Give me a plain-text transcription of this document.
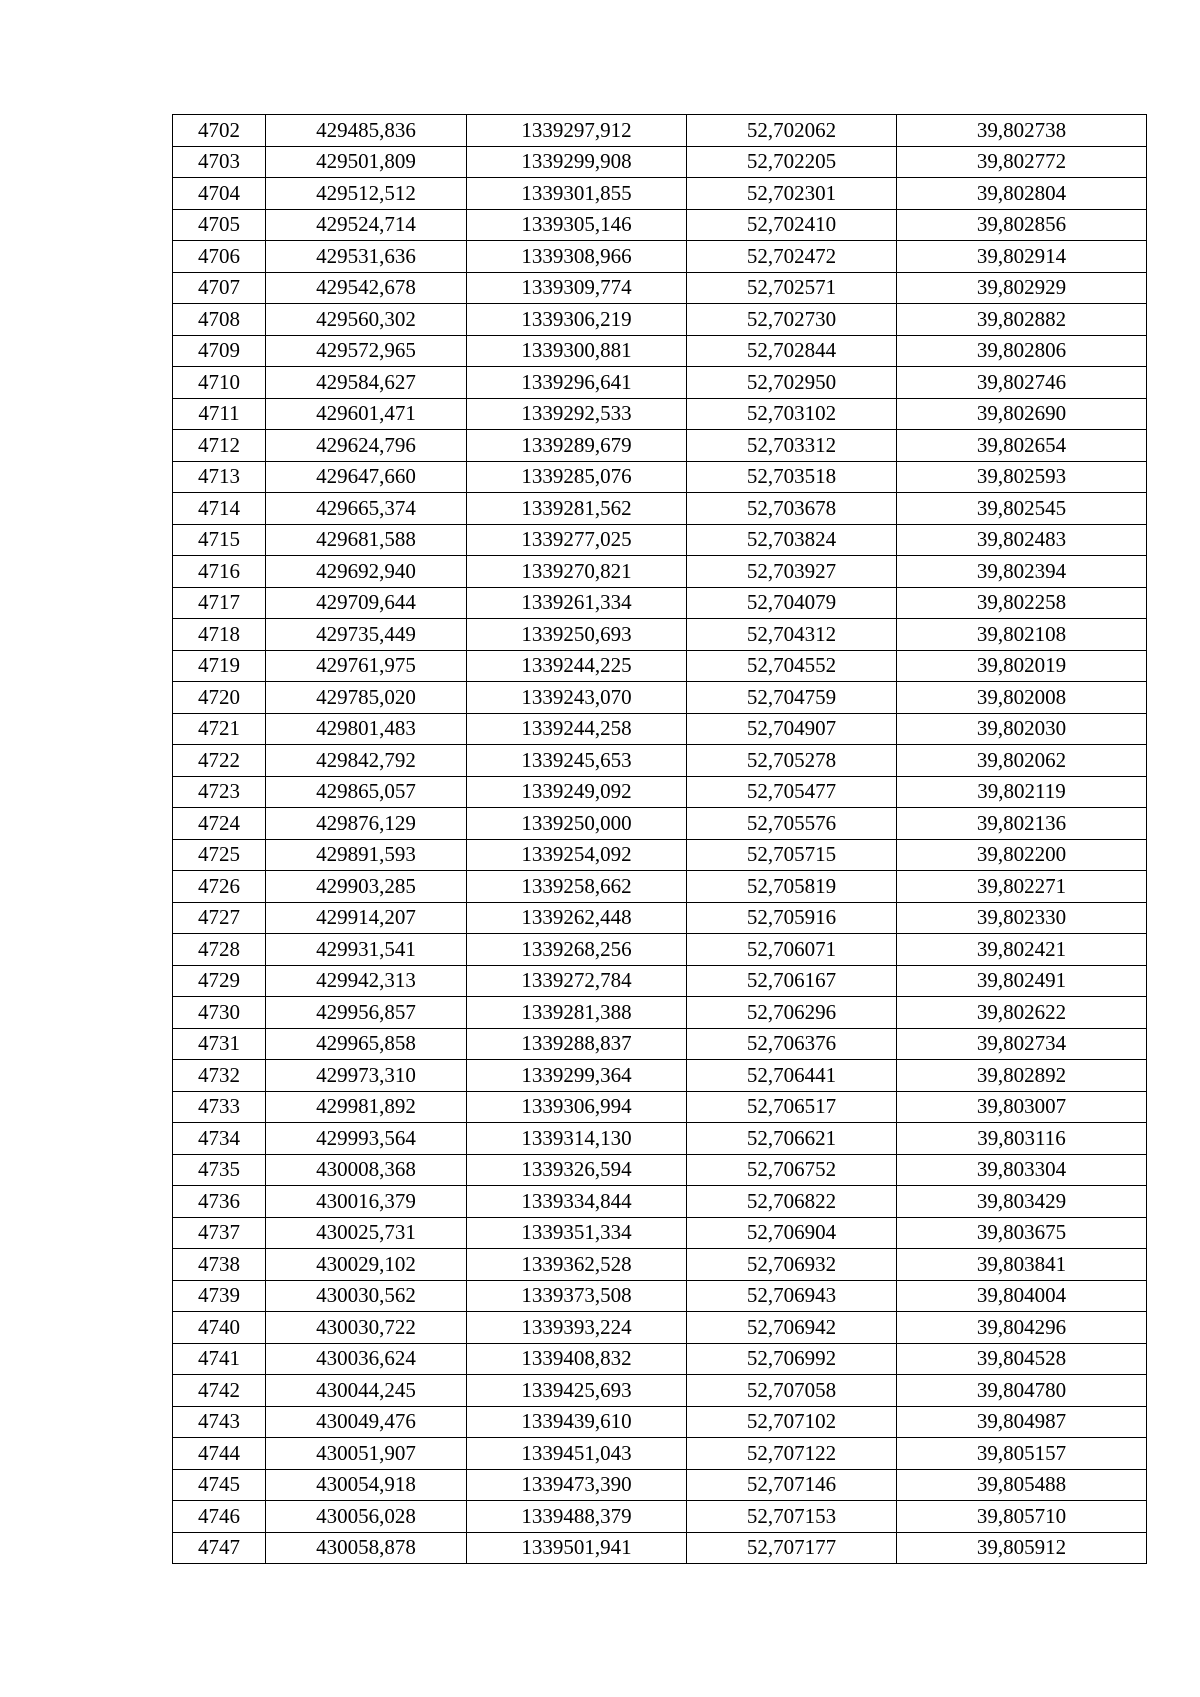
4702	429485,836	1339297,912	52,702062	39,802738
4703	429501,809	1339299,908	52,702205	39,802772
4704	429512,512	1339301,855	52,702301	39,802804
4705	429524,714	1339305,146	52,702410	39,802856
4706	429531,636	1339308,966	52,702472	39,802914
4707	429542,678	1339309,774	52,702571	39,802929
4708	429560,302	1339306,219	52,702730	39,802882
4709	429572,965	1339300,881	52,702844	39,802806
4710	429584,627	1339296,641	52,702950	39,802746
4711	429601,471	1339292,533	52,703102	39,802690
4712	429624,796	1339289,679	52,703312	39,802654
4713	429647,660	1339285,076	52,703518	39,802593
4714	429665,374	1339281,562	52,703678	39,802545
4715	429681,588	1339277,025	52,703824	39,802483
4716	429692,940	1339270,821	52,703927	39,802394
4717	429709,644	1339261,334	52,704079	39,802258
4718	429735,449	1339250,693	52,704312	39,802108
4719	429761,975	1339244,225	52,704552	39,802019
4720	429785,020	1339243,070	52,704759	39,802008
4721	429801,483	1339244,258	52,704907	39,802030
4722	429842,792	1339245,653	52,705278	39,802062
4723	429865,057	1339249,092	52,705477	39,802119
4724	429876,129	1339250,000	52,705576	39,802136
4725	429891,593	1339254,092	52,705715	39,802200
4726	429903,285	1339258,662	52,705819	39,802271
4727	429914,207	1339262,448	52,705916	39,802330
4728	429931,541	1339268,256	52,706071	39,802421
4729	429942,313	1339272,784	52,706167	39,802491
4730	429956,857	1339281,388	52,706296	39,802622
4731	429965,858	1339288,837	52,706376	39,802734
4732	429973,310	1339299,364	52,706441	39,802892
4733	429981,892	1339306,994	52,706517	39,803007
4734	429993,564	1339314,130	52,706621	39,803116
4735	430008,368	1339326,594	52,706752	39,803304
4736	430016,379	1339334,844	52,706822	39,803429
4737	430025,731	1339351,334	52,706904	39,803675
4738	430029,102	1339362,528	52,706932	39,803841
4739	430030,562	1339373,508	52,706943	39,804004
4740	430030,722	1339393,224	52,706942	39,804296
4741	430036,624	1339408,832	52,706992	39,804528
4742	430044,245	1339425,693	52,707058	39,804780
4743	430049,476	1339439,610	52,707102	39,804987
4744	430051,907	1339451,043	52,707122	39,805157
4745	430054,918	1339473,390	52,707146	39,805488
4746	430056,028	1339488,379	52,707153	39,805710
4747	430058,878	1339501,941	52,707177	39,805912
